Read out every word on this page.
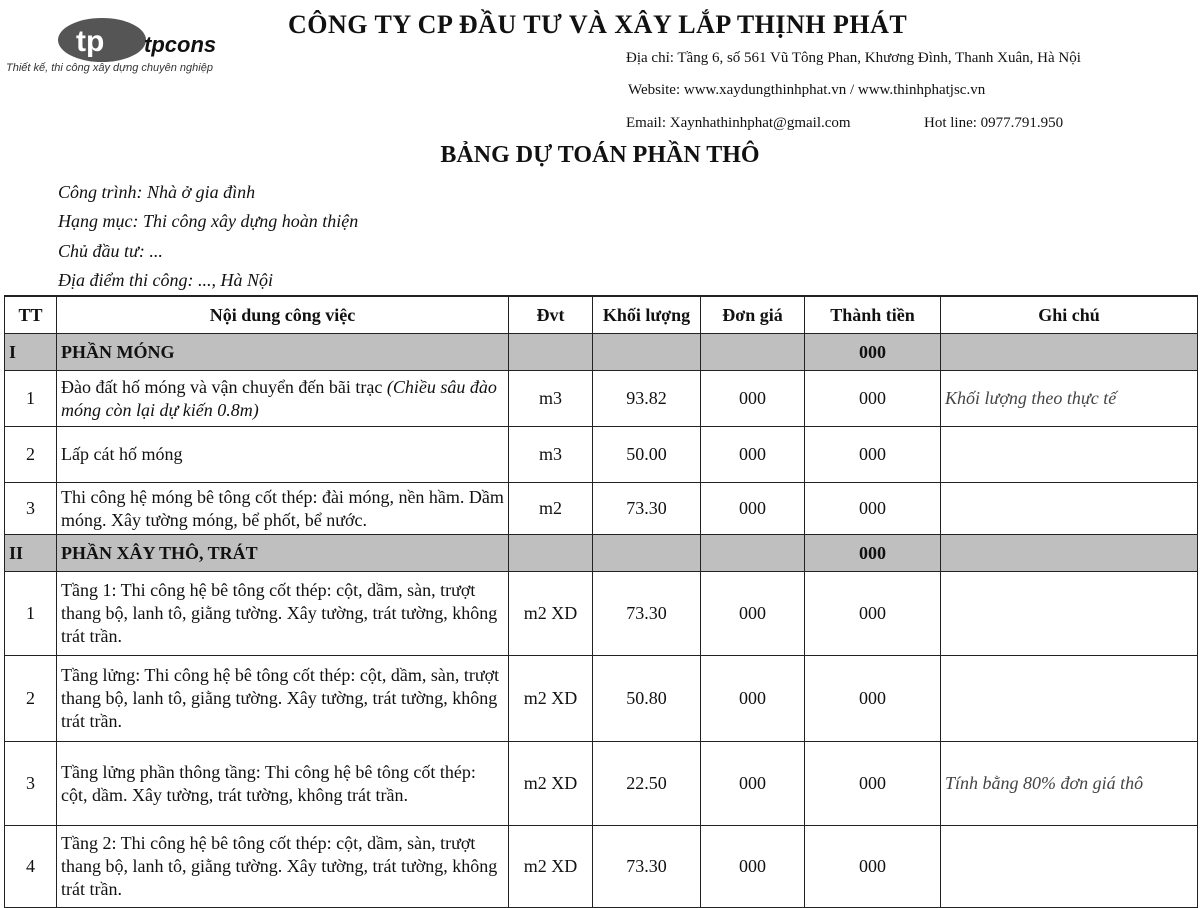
tp tpcons
Thiết kế, thi công xây dựng chuyên nghiệp
CÔNG TY CP ĐẦU TƯ VÀ XÂY LẮP THỊNH PHÁT
Địa chỉ: Tầng 6, số 561 Vũ Tông Phan, Khương Đình, Thanh Xuân, Hà Nội
Website: www.xaydungthinhphat.vn / www.thinhphatjsc.vn
Email: Xaynhathinhphat@gmail.com	Hot line: 0977.791.950
BẢNG DỰ TOÁN PHẦN THÔ
Công trình: Nhà ở gia đình
Hạng mục: Thi công xây dựng hoàn thiện
Chủ đầu tư: ...
Địa điểm thi công: ..., Hà Nội
TT	Nội dung công việc	Đvt	Khối lượng	Đơn giá	Thành tiền	Ghi chú
I	PHẦN MÓNG				000	
1	Đào đất hố móng và vận chuyển đến bãi trạc (Chiều sâu đào móng còn lại dự kiến 0.8m)	m3	93.82	000	000	Khối lượng theo thực tế
2	Lấp cát hố móng	m3	50.00	000	000	
3	Thi công hệ móng bê tông cốt thép: đài móng, nền hầm. Dầm móng. Xây tường móng, bể phốt, bể nước.	m2	73.30	000	000	
II	PHẦN XÂY THÔ, TRÁT				000	
1	Tầng 1: Thi công hệ bê tông cốt thép: cột, dầm, sàn, trượt thang bộ, lanh tô, giằng tường. Xây tường, trát tường, không trát trần.	m2 XD	73.30	000	000	
2	Tầng lửng: Thi công hệ bê tông cốt thép: cột, dầm, sàn, trượt thang bộ, lanh tô, giằng tường. Xây tường, trát tường, không trát trần.	m2 XD	50.80	000	000	
3	Tầng lửng phần thông tầng: Thi công hệ bê tông cốt thép: cột, dầm. Xây tường, trát tường, không trát trần.	m2 XD	22.50	000	000	Tính bằng 80% đơn giá thô
4	Tầng 2: Thi công hệ bê tông cốt thép: cột, dầm, sàn, trượt thang bộ, lanh tô, giằng tường. Xây tường, trát tường, không trát trần.	m2 XD	73.30	000	000	
